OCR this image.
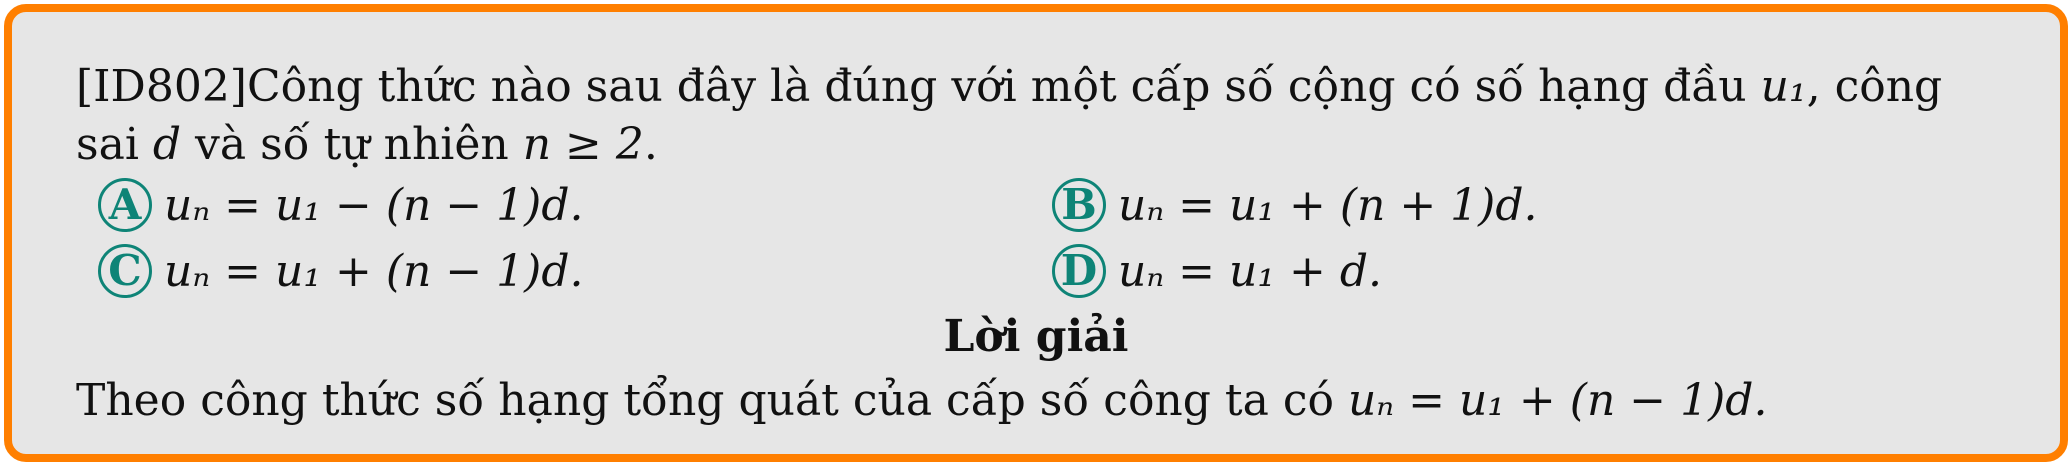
[ID802]Công thức nào sau đây là đúng với một cấp số cộng có số hạng đầu u₁, công sai d và số tự nhiên n ≥ 2.
A uₙ = u₁ − (n − 1)d.	B uₙ = u₁ + (n + 1)d.
C uₙ = u₁ + (n − 1)d.	D uₙ = u₁ + d.
Lời giải
Theo công thức số hạng tổng quát của cấp số công ta có uₙ = u₁ + (n − 1)d.
